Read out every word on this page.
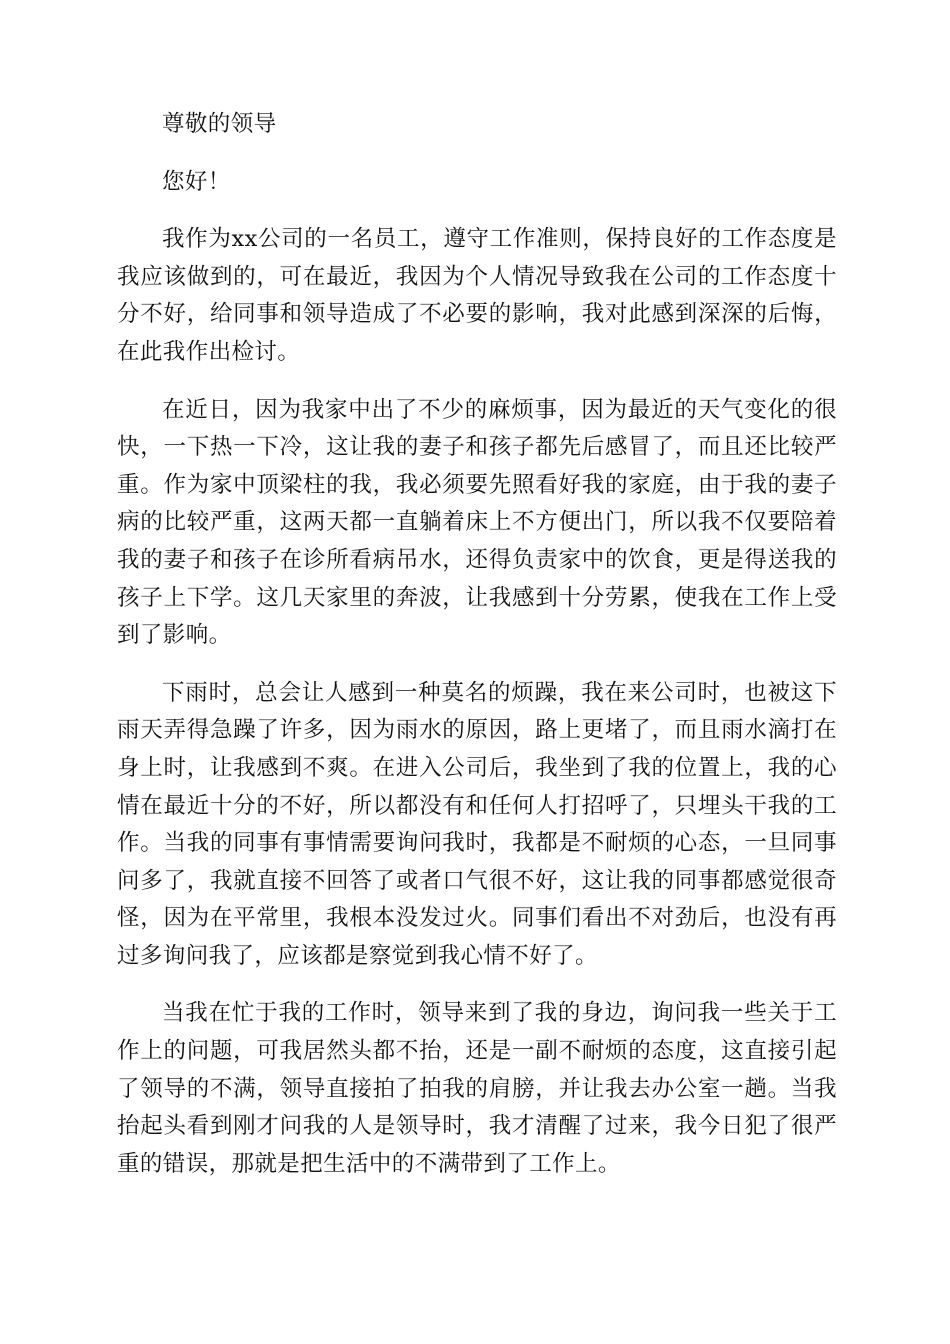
尊敬的领导

您好！

我作为xx公司的一名员工，遵守工作准则，保持良好的工作态度是我应该做到的，可在最近，我因为个人情况导致我在公司的工作态度十分不好，给同事和领导造成了不必要的影响，我对此感到深深的后悔，在此我作出检讨。

在近日，因为我家中出了不少的麻烦事，因为最近的天气变化的很快，一下热一下冷，这让我的妻子和孩子都先后感冒了，而且还比较严重。作为家中顶梁柱的我，我必须要先照看好我的家庭，由于我的妻子病的比较严重，这两天都一直躺着床上不方便出门，所以我不仅要陪着我的妻子和孩子在诊所看病吊水，还得负责家中的饮食，更是得送我的孩子上下学。这几天家里的奔波，让我感到十分劳累，使我在工作上受到了影响。

下雨时，总会让人感到一种莫名的烦躁，我在来公司时，也被这下雨天弄得急躁了许多，因为雨水的原因，路上更堵了，而且雨水滴打在身上时，让我感到不爽。在进入公司后，我坐到了我的位置上，我的心情在最近十分的不好，所以都没有和任何人打招呼了，只埋头干我的工作。当我的同事有事情需要询问我时，我都是不耐烦的心态，一旦同事问多了，我就直接不回答了或者口气很不好，这让我的同事都感觉很奇怪，因为在平常里，我根本没发过火。同事们看出不对劲后，也没有再过多询问我了，应该都是察觉到我心情不好了。

当我在忙于我的工作时，领导来到了我的身边，询问我一些关于工作上的问题，可我居然头都不抬，还是一副不耐烦的态度，这直接引起了领导的不满，领导直接拍了拍我的肩膀，并让我去办公室一趟。当我抬起头看到刚才问我的人是领导时，我才清醒了过来，我今日犯了很严重的错误，那就是把生活中的不满带到了工作上。
